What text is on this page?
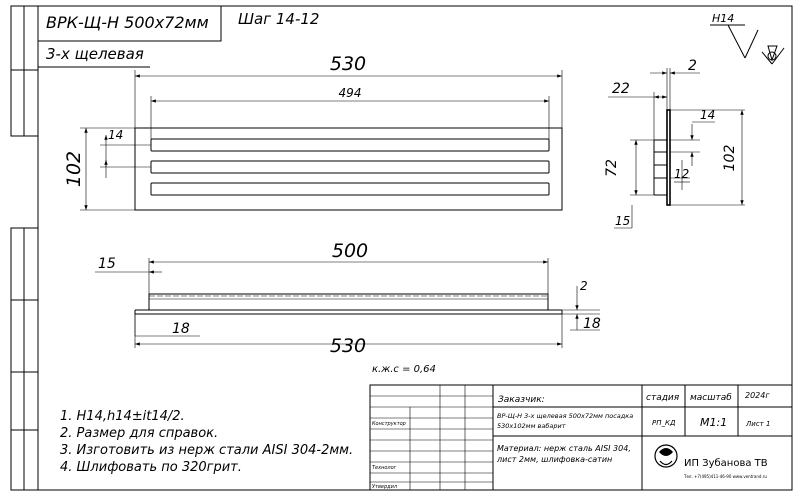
ВРК-Щ-Н 500х72мм Шаг 14-12
3-х щелевая
H14
530
494
102
14
2
22
14
12
72	102
15
500
15
2
18	18
530
к.ж.с = 0,64
1. H14,h14±it14/2.
2. Размер для справок.
3. Изготовить из нерж стали AISI 304-2мм.
4. Шлифовать по 320грит.
Конструктор
Технолог
Утвердил
Заказчик:	стадия масштаб 2024г
ВР-Щ-Н 3-х щелевая 500х72мм посадка
530х102мм вабарит	РП_КД М1:1	Лист 1
Материал: нерж сталь AISI 304,
лист 2мм, шлифовка-сатин	ИП Зубанова ТВ
Тел. +7(495)411-46-90 www.ventrand.ru
